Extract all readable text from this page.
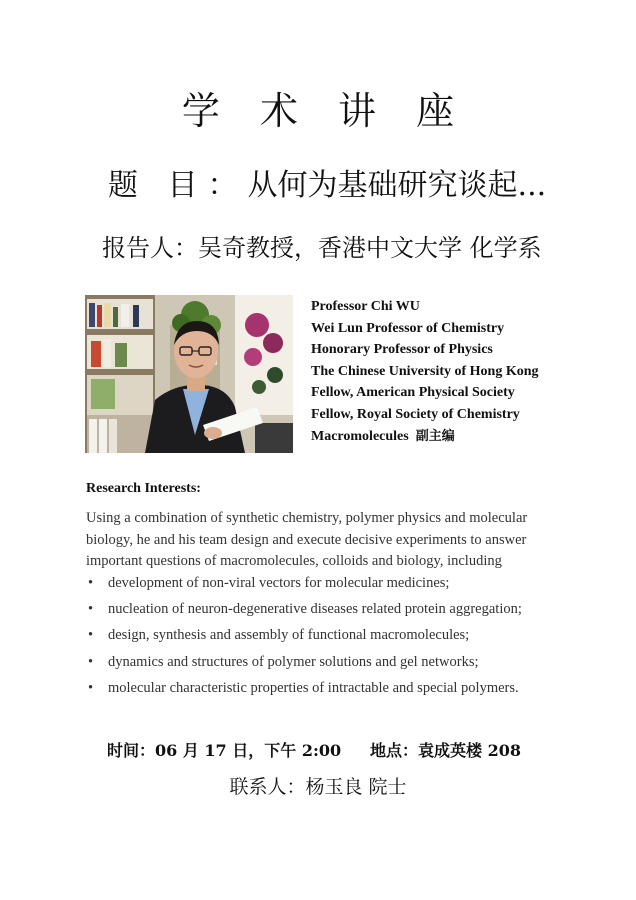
学 术 讲 座
题 目：从何为基础研究谈起...
报告人：吴奇教授，香港中文大学 化学系
Professor Chi WU
Wei Lun Professor of Chemistry
Honorary Professor of Physics
The Chinese University of Hong Kong
Fellow, American Physical Society
Fellow, Royal Society of Chemistry
Macromolecules 副主编
Research Interests:
Using a combination of synthetic chemistry, polymer physics and molecular biology, he and his team design and execute decisive experiments to answer important questions of macromolecules, colloids and biology, including
• development of non-viral vectors for molecular medicines;
• nucleation of neuron-degenerative diseases related protein aggregation;
• design, synthesis and assembly of functional macromolecules;
• dynamics and structures of polymer solutions and gel networks;
• molecular characteristic properties of intractable and special polymers.
时间：06 月 17 日，下午 2:00 地点：袁成英楼 208
联系人：杨玉良 院士
